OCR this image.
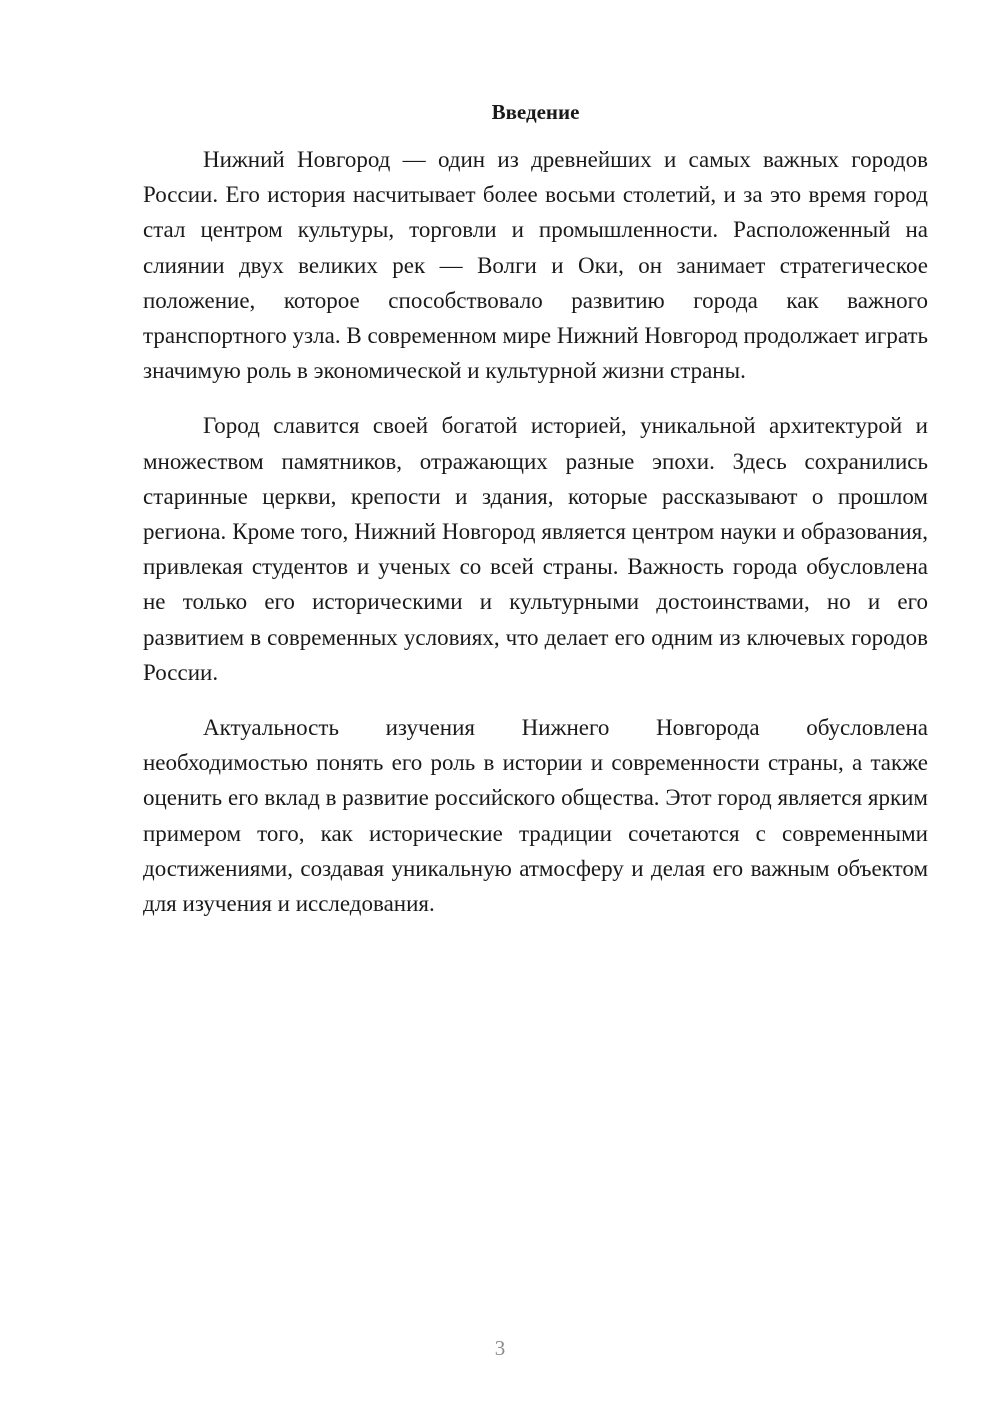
Введение

Нижний Новгород — один из древнейших и самых важных городов России. Его история насчитывает более восьми столетий, и за это время город стал центром культуры, торговли и промышленности. Расположенный на слиянии двух великих рек — Волги и Оки, он занимает стратегическое положение, которое способствовало развитию города как важного транспортного узла. В современном мире Нижний Новгород продолжает играть значимую роль в экономической и культурной жизни страны.

Город славится своей богатой историей, уникальной архитектурой и множеством памятников, отражающих разные эпохи. Здесь сохранились старинные церкви, крепости и здания, которые рассказывают о прошлом региона. Кроме того, Нижний Новгород является центром науки и образования, привлекая студентов и ученых со всей страны. Важность города обусловлена не только его историческими и культурными достоинствами, но и его развитием в современных условиях, что делает его одним из ключевых городов России.

Актуальность изучения Нижнего Новгорода обусловлена необходимостью понять его роль в истории и современности страны, а также оценить его вклад в развитие российского общества. Этот город является ярким примером того, как исторические традиции сочетаются с современными достижениями, создавая уникальную атмосферу и делая его важным объектом для изучения и исследования.

3
